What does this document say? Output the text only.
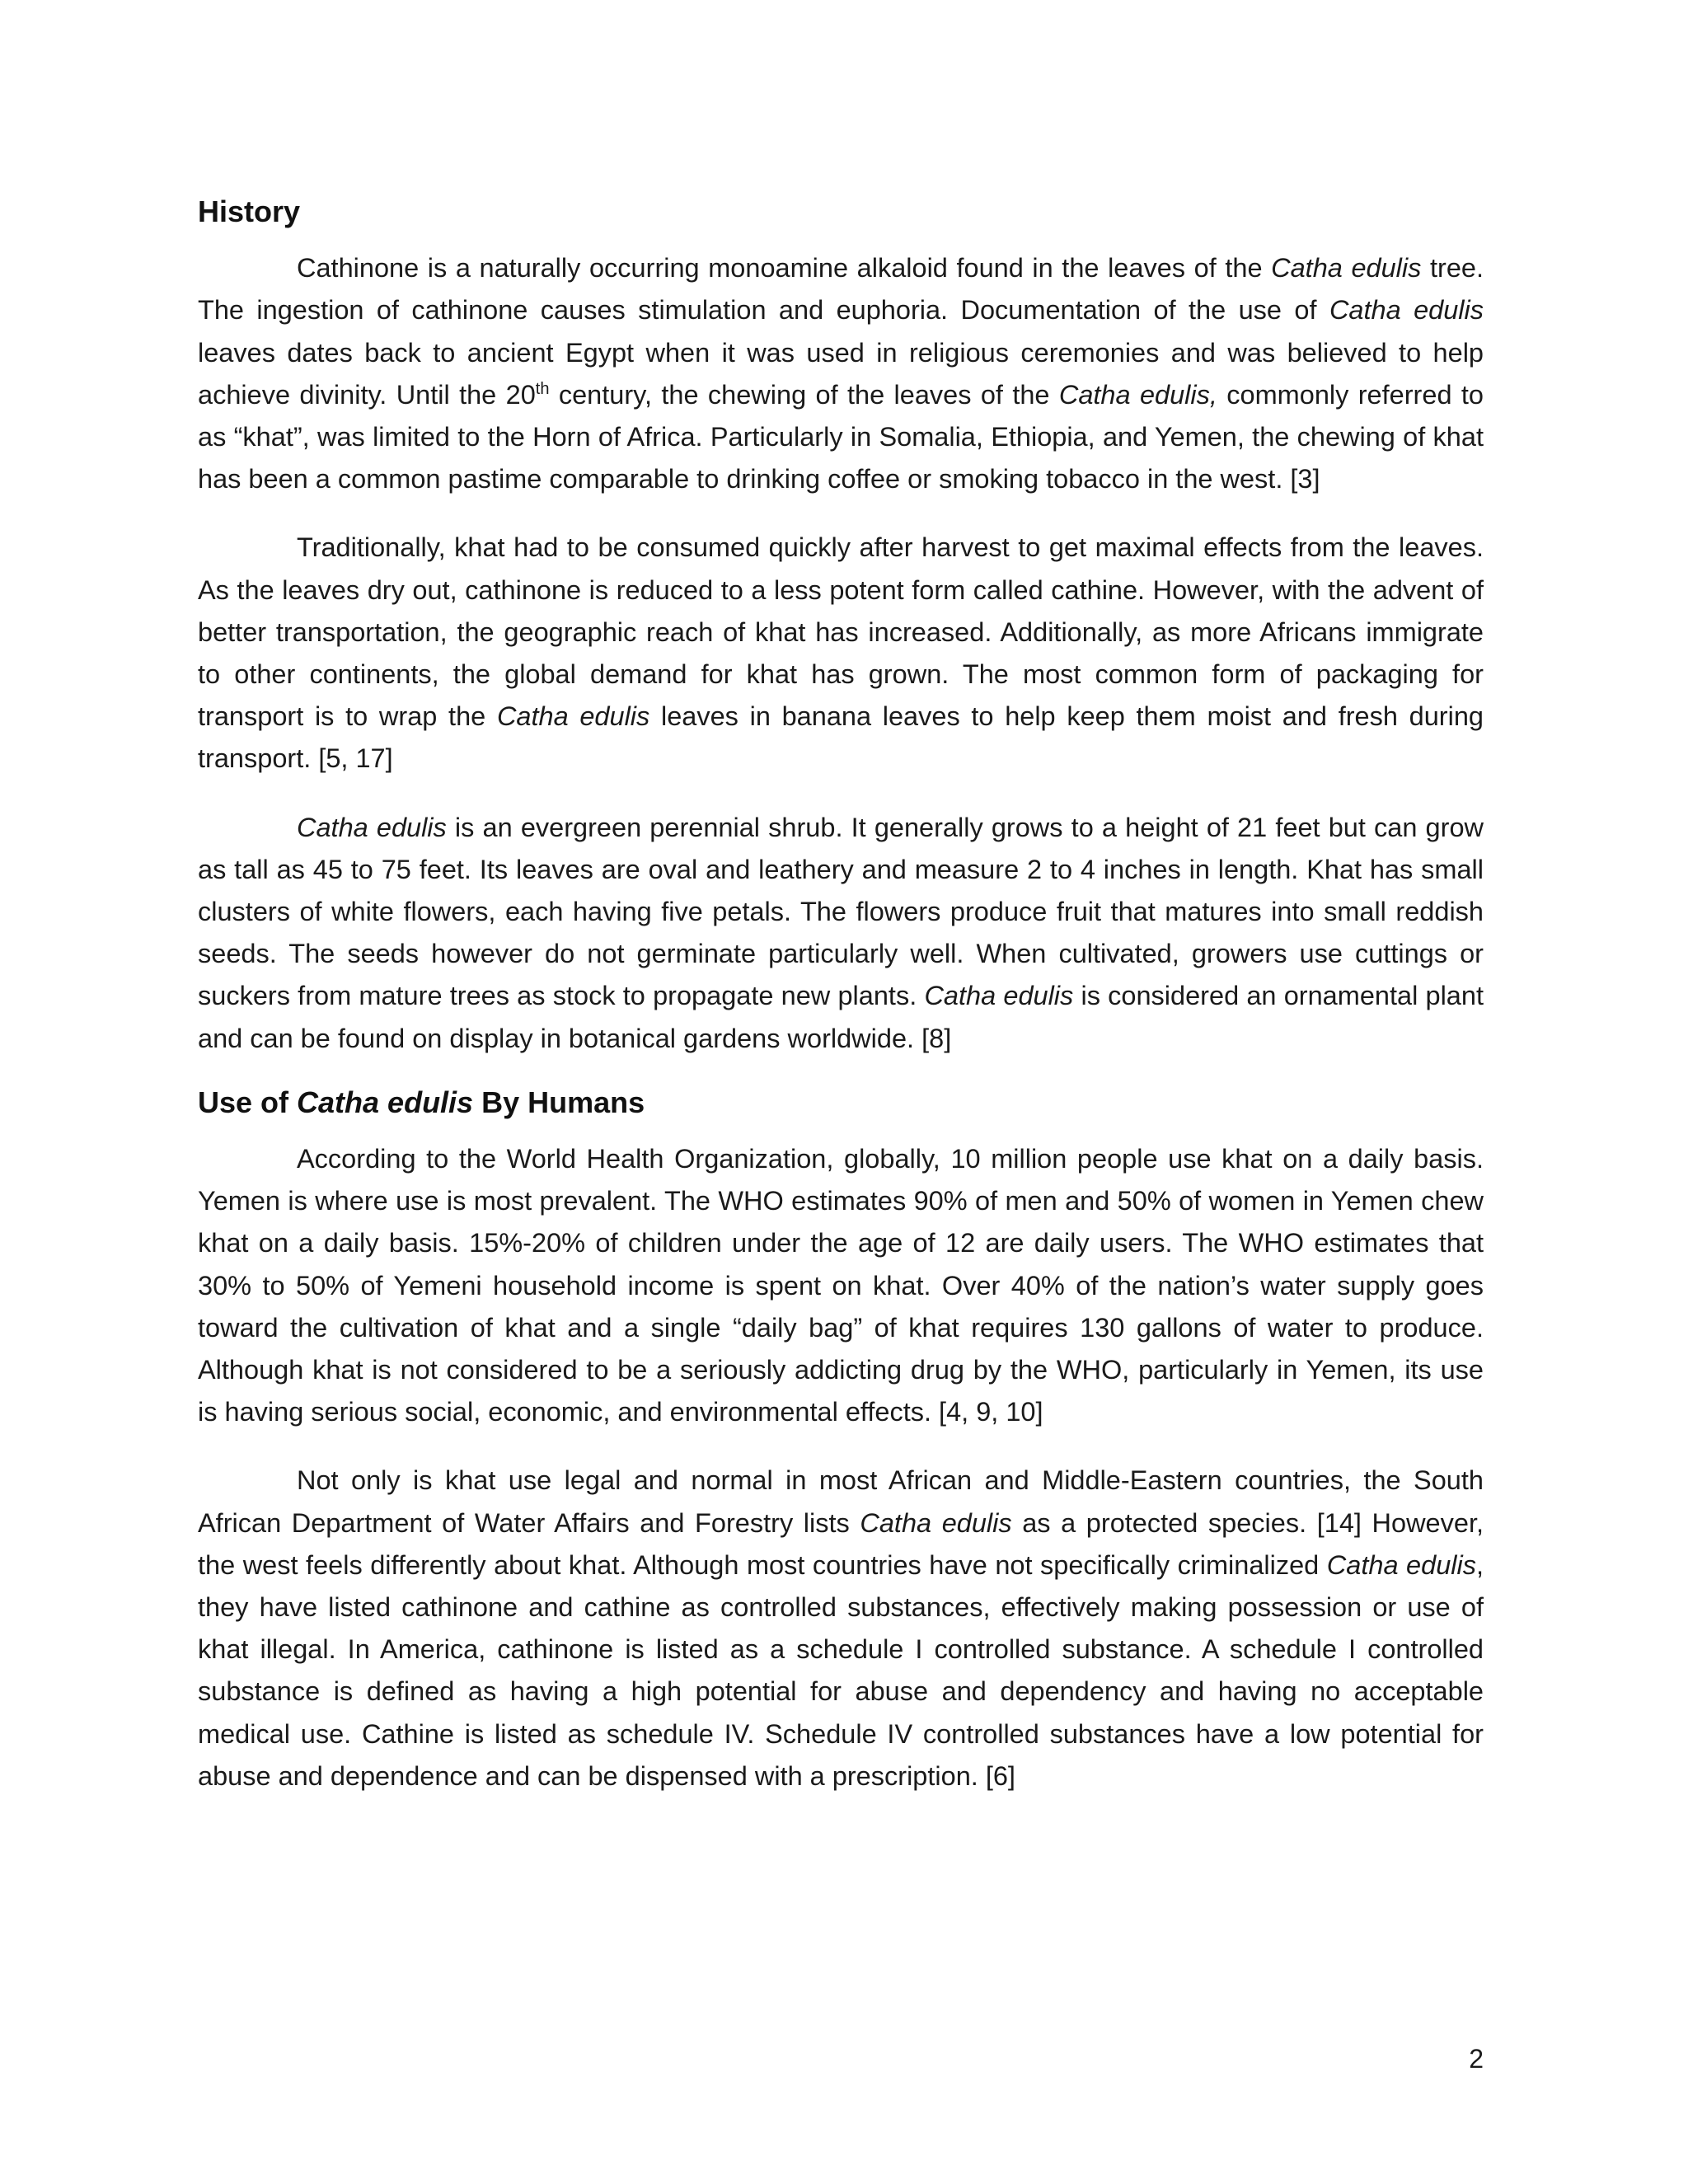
History

Cathinone is a naturally occurring monoamine alkaloid found in the leaves of the Catha edulis tree. The ingestion of cathinone causes stimulation and euphoria. Documentation of the use of Catha edulis leaves dates back to ancient Egypt when it was used in religious ceremonies and was believed to help achieve divinity. Until the 20th century, the chewing of the leaves of the Catha edulis, commonly referred to as “khat”, was limited to the Horn of Africa. Particularly in Somalia, Ethiopia, and Yemen, the chewing of khat has been a common pastime comparable to drinking coffee or smoking tobacco in the west. [3]

Traditionally, khat had to be consumed quickly after harvest to get maximal effects from the leaves. As the leaves dry out, cathinone is reduced to a less potent form called cathine. However, with the advent of better transportation, the geographic reach of khat has increased. Additionally, as more Africans immigrate to other continents, the global demand for khat has grown. The most common form of packaging for transport is to wrap the Catha edulis leaves in banana leaves to help keep them moist and fresh during transport. [5, 17]

Catha edulis is an evergreen perennial shrub. It generally grows to a height of 21 feet but can grow as tall as 45 to 75 feet. Its leaves are oval and leathery and measure 2 to 4 inches in length. Khat has small clusters of white flowers, each having five petals. The flowers produce fruit that matures into small reddish seeds. The seeds however do not germinate particularly well. When cultivated, growers use cuttings or suckers from mature trees as stock to propagate new plants. Catha edulis is considered an ornamental plant and can be found on display in botanical gardens worldwide. [8]

Use of Catha edulis By Humans

According to the World Health Organization, globally, 10 million people use khat on a daily basis. Yemen is where use is most prevalent. The WHO estimates 90% of men and 50% of women in Yemen chew khat on a daily basis. 15%-20% of children under the age of 12 are daily users. The WHO estimates that 30% to 50% of Yemeni household income is spent on khat. Over 40% of the nation’s water supply goes toward the cultivation of khat and a single “daily bag” of khat requires 130 gallons of water to produce. Although khat is not considered to be a seriously addicting drug by the WHO, particularly in Yemen, its use is having serious social, economic, and environmental effects. [4, 9, 10]

Not only is khat use legal and normal in most African and Middle-Eastern countries, the South African Department of Water Affairs and Forestry lists Catha edulis as a protected species. [14] However, the west feels differently about khat. Although most countries have not specifically criminalized Catha edulis, they have listed cathinone and cathine as controlled substances, effectively making possession or use of khat illegal. In America, cathinone is listed as a schedule I controlled substance. A schedule I controlled substance is defined as having a high potential for abuse and dependency and having no acceptable medical use. Cathine is listed as schedule IV. Schedule IV controlled substances have a low potential for abuse and dependence and can be dispensed with a prescription. [6]

2
